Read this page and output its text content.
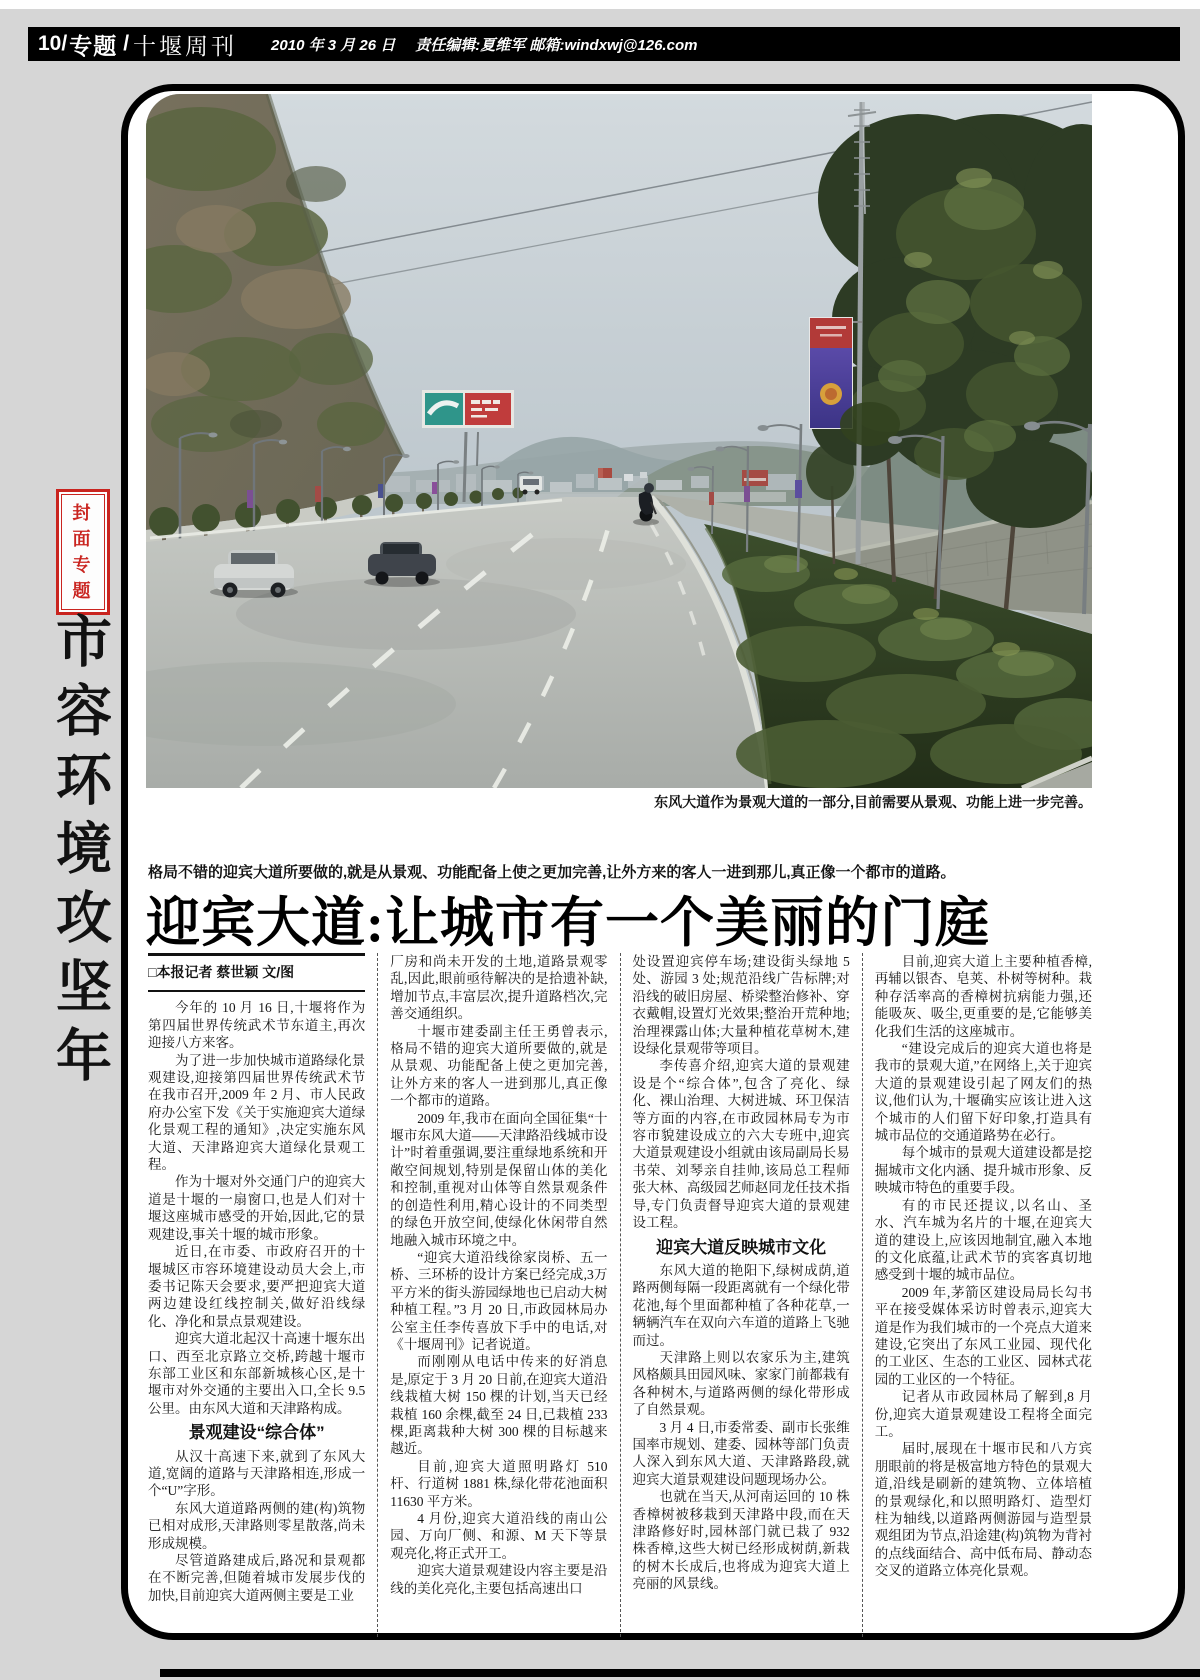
10/ 专题 / 十堰周刊 2010 年 3 月 26 日 责任编辑:夏维军 邮箱:windxwj@126.com
封面
专题
市容环境攻坚年	东风大道作为景观大道的一部分,目前需要从景观、功能上进一步完善。
格局不错的迎宾大道所要做的,就是从景观、功能配备上使之更加完善,让外方来的客人一进到那儿,真正像一个都市的道路。
迎宾大道:让城市有一个美丽的门庭
□本报记者 蔡世颖 文/图

今年的 10 月 16 日,十堰将作为第四届世界传统武术节东道主,再次迎接八方来客。

为了进一步加快城市道路绿化景观建设,迎接第四届世界传统武术节在我市召开,2009 年 2 月、市人民政府办公室下发《关于实施迎宾大道绿化景观工程的通知》,决定实施东风大道、天津路迎宾大道绿化景观工程。

作为十堰对外交通门户的迎宾大道是十堰的一扇窗口,也是人们对十堰这座城市感受的开始,因此,它的景观建设,事关十堰的城市形象。

近日,在市委、市政府召开的十堰城区市容环境建设动员大会上,市委书记陈天会要求,要严把迎宾大道两边建设红线控制关,做好沿线绿化、净化和景点景观建设。

迎宾大道北起汉十高速十堰东出口、西至北京路立交桥,跨越十堰市东部工业区和东部新城核心区,是十堰市对外交通的主要出入口,全长 9.5 公里。由东风大道和天津路构成。

景观建设“综合体”

从汉十高速下来,就到了东风大道,宽阔的道路与天津路相连,形成一个“U”字形。

东风大道道路两侧的建(构)筑物已相对成形,天津路则零星散落,尚未形成规模。

尽管道路建成后,路况和景观都在不断完善,但随着城市发展步伐的加快,目前迎宾大道两侧主要是工业

厂房和尚未开发的土地,道路景观零乱,因此,眼前亟待解决的是拾遗补缺,增加节点,丰富层次,提升道路档次,完善交通组织。

十堰市建委副主任王勇曾表示,格局不错的迎宾大道所要做的,就是从景观、功能配备上使之更加完善,让外方来的客人一进到那儿,真正像一个都市的道路。

2009 年,我市在面向全国征集“十堰市东风大道——天津路沿线城市设计”时着重强调,要注重绿地系统和开敞空间规划,特别是保留山体的美化和控制,重视对山体等自然景观条件的创造性利用,精心设计的不同类型的绿色开放空间,使绿化休闲带自然地融入城市环境之中。

“迎宾大道沿线徐家岗桥、五一桥、三环桥的设计方案已经完成,3万平方米的街头游园绿地也已启动大树种植工程。”3 月 20 日,市政园林局办公室主任李传喜放下手中的电话,对《十堰周刊》记者说道。

而刚刚从电话中传来的好消息是,原定于 3 月 20 日前,在迎宾大道沿线栽植大树 150 棵的计划,当天已经栽植 160 余棵,截至 24 日,已栽植 233 棵,距离栽种大树 300 棵的目标越来越近。

目前,迎宾大道照明路灯 510 杆、行道树 1881 株,绿化带花池面积 11630 平方米。

4 月份,迎宾大道沿线的南山公园、万向厂侧、和源、M 天下等景观亮化,将正式开工。

迎宾大道景观建设内容主要是沿线的美化亮化,主要包括高速出口

处设置迎宾停车场;建设街头绿地 5 处、游园 3 处;规范沿线广告标牌;对沿线的破旧房屋、桥梁整治修补、穿衣戴帽,设置灯光效果;整治开荒种地;治理裸露山体;大量种植花草树木,建设绿化景观带等项目。

李传喜介绍,迎宾大道的景观建设是个“综合体”,包含了亮化、绿化、裸山治理、大树进城、环卫保洁等方面的内容,在市政园林局专为市容市貌建设成立的六大专班中,迎宾大道景观建设小组就由该局副局长易书荣、刘琴亲自挂帅,该局总工程师张大林、高级园艺师赵同龙任技术指导,专门负责督导迎宾大道的景观建设工程。

迎宾大道反映城市文化

东风大道的艳阳下,绿树成荫,道路两侧每隔一段距离就有一个绿化带花池,每个里面都种植了各种花草,一辆辆汽车在双向六车道的道路上飞驰而过。

天津路上则以农家乐为主,建筑风格颇具田园风味、家家门前都栽有各种树木,与道路两侧的绿化带形成了自然景观。

3 月 4 日,市委常委、副市长张维国率市规划、建委、园林等部门负责人深入到东风大道、天津路路段,就迎宾大道景观建设问题现场办公。

也就在当天,从河南运回的 10 株香樟树被移栽到天津路中段,而在天津路修好时,园林部门就已栽了 932 株香樟,这些大树已经形成树荫,新栽的树木长成后,也将成为迎宾大道上亮丽的风景线。

目前,迎宾大道上主要种植香樟,再辅以银杏、皂荚、朴树等树种。栽种存活率高的香樟树抗病能力强,还能吸灰、吸尘,更重要的是,它能够美化我们生活的这座城市。

“建设完成后的迎宾大道也将是我市的景观大道,”在网络上,关于迎宾大道的景观建设引起了网友们的热议,他们认为,十堰确实应该让进入这个城市的人们留下好印象,打造具有城市品位的交通道路势在必行。

每个城市的景观大道建设都是挖掘城市文化内涵、提升城市形象、反映城市特色的重要手段。

有的市民还提议,以名山、圣水、汽车城为名片的十堰,在迎宾大道的建设上,应该因地制宜,融入本地的文化底蕴,让武术节的宾客真切地感受到十堰的城市品位。

2009 年,茅箭区建设局局长勾书平在接受媒体采访时曾表示,迎宾大道是作为我们城市的一个亮点大道来建设,它突出了东风工业园、现代化的工业区、生态的工业区、园林式花园的工业区的一个特征。

记者从市政园林局了解到,8 月份,迎宾大道景观建设工程将全面完工。

届时,展现在十堰市民和八方宾朋眼前的将是极富地方特色的景观大道,沿线是刷新的建筑物、立体培植的景观绿化,和以照明路灯、造型灯柱为轴线,以道路两侧游园与造型景观组团为节点,沿途建(构)筑物为背衬的点线面结合、高中低布局、静动态交叉的道路立体亮化景观。
